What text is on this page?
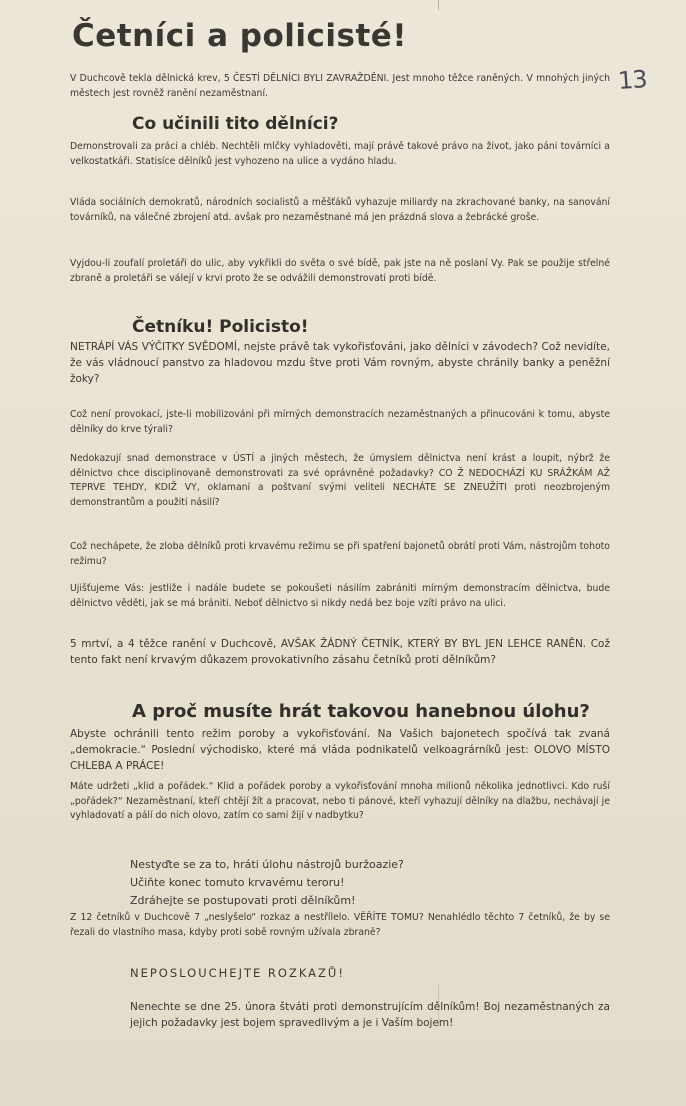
13
Četníci a policisté!
V Duchcově tekla dělnická krev, 5 ČESTÍ DĚLNÍCI BYLI ZAVRAŽDĚNI. Jest mnoho těžce raněných. V mnohých jiných městech jest rovněž ranění nezaměstnaní.
Co učinili tito dělníci?
Demonstrovali za práci a chléb. Nechtěli mlčky vyhladověti, mají právě takové právo na život, jako páni továrníci a velkostatkáři. Statisíce dělníků jest vyhozeno na ulice a vydáno hladu.
Vláda sociálních demokratů, národních socialistů a měšťáků vyhazuje miliardy na zkrachované banky, na sanování továrníků, na válečné zbrojení atd. avšak pro nezaměstnané má jen prázdná slova a žebrácké groše.
Vyjdou-li zoufalí proletáři do ulic, aby vykřikli do světa o své bídě, pak jste na ně poslaní Vy. Pak se použije střelné zbraně a proletáři se válejí v krvi proto že se odvážili demonstrovati proti bídě.
Četníku! Policisto!
NETRÁPÍ VÁS VÝČITKY SVĚDOMÍ, nejste právě tak vykořisťováni, jako dělníci v závodech? Což nevidíte, že vás vládnoucí panstvo za hladovou mzdu štve proti Vám rovným, abyste chránily banky a peněžní žoky?
Což není provokací, jste-li mobilizováni při mírných demonstracích nezaměstnaných a přinucováni k tomu, abyste dělníky do krve týrali?
Nedokazují snad demonstrace v ÚSTÍ a jiných městech, že úmyslem dělnictva není krást a loupit, nýbrž že dělnictvo chce disciplinovaně demonstrovati za své oprávněné požadavky? CO Ž NEDOCHÁZÍ KU SRÁŽKÁM AŽ TEPRVE TEHDY, KDIŽ VY, oklamaní a poštvaní svými veliteli NECHÁTE SE ZNEUŽÍTI proti neozbrojeným demonstrantům a použiti násilí?
Což nechápete, že zloba dělníků proti krvavému režimu se při spatření bajonetů obrátí proti Vám, nástrojům tohoto režimu?
Ujišťujeme Vás: jestliže i nadále budete se pokoušeti násilím zabrániti mírným demonstracím dělnictva, bude dělnictvo věděti, jak se má brániti. Neboť dělnictvo si nikdy nedá bez boje vzíti právo na ulici.
5 mrtví, a 4 těžce ranění v Duchcově, AVŠAK ŽÁDNÝ ČETNÍK, KTERÝ BY BYL JEN LEHCE RANĚN. Což tento fakt není krvavým důkazem provokativního zásahu četníků proti dělníkům?
A proč musíte hrát takovou hanebnou úlohu?
Abyste ochránili tento režim poroby a vykořisťování. Na Vašich bajonetech spočívá tak zvaná „demokracie.“ Poslední východisko, které má vláda podnikatelů velkoagrárníků jest: OLOVO MÍSTO CHLEBA A PRÁCE!
Máte udržeti „klid a pořádek.“ Klid a pořádek poroby a vykořisťování mnoha milionů několika jednotlivci. Kdo ruší „pořádek?“ Nezaměstnaní, kteří chtějí žít a pracovat, nebo ti pánové, kteří vyhazují dělníky na dlažbu, nechávají je vyhladovatí a pálí do nich olovo, zatím co sami žijí v nadbytku?
Nestyďte se za to, hráti úlohu nástrojů buržoazie?
Učiňte konec tomuto krvavému teroru!
Zdráhejte se postupovati proti dělníkům!
Z 12 četníků v Duchcově 7 „neslyšelo“ rozkaz a nestřílelo. VĚŘÍTE TOMU? Nenahlédlo těchto 7 četníků, že by se řezali do vlastního masa, kdyby proti sobě rovným užívala zbraně?
NEPOSLOUCHEJTE ROZKAZŮ!
Nenechte se dne 25. února štváti proti demonstrujícím dělníkům! Boj nezaměstnaných za jejich požadavky jest bojem spravedlivým a je i Vaším bojem!
